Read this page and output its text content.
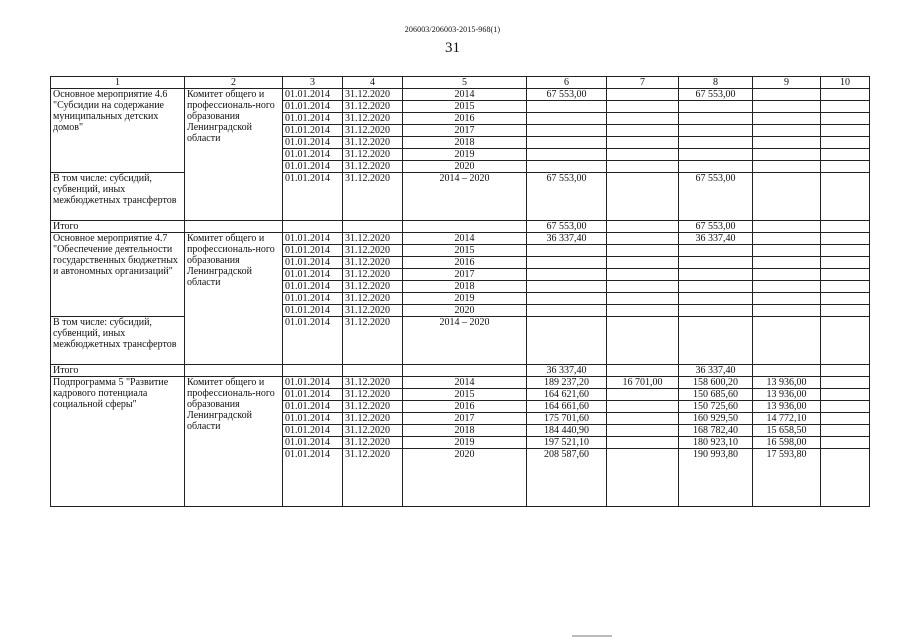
206003/206003-2015-968(1)
31
1	2	3	4	5	6	7	8	9	10
Основное мероприятие 4.6 "Субсидии на содержание муниципальных детских домов"	Комитет общего и профессиональ-ного образования Ленинградской области	01.01.2014	31.12.2020	2014	67 553,00		67 553,00		
		01.01.2014	31.12.2020	2015					
		01.01.2014	31.12.2020	2016					
		01.01.2014	31.12.2020	2017					
		01.01.2014	31.12.2020	2018					
		01.01.2014	31.12.2020	2019					
		01.01.2014	31.12.2020	2020					
В том числе: субсидий, субвенций, иных межбюджетных трансфертов		01.01.2014	31.12.2020	2014 – 2020	67 553,00		67 553,00		
Итого					67 553,00		67 553,00		
Основное мероприятие 4.7 "Обеспечение деятельности государственных бюджетных и автономных организаций"	Комитет общего и профессиональ-ного образования Ленинградской области	01.01.2014	31.12.2020	2014	36 337,40		36 337,40		
		01.01.2014	31.12.2020	2015					
		01.01.2014	31.12.2020	2016					
		01.01.2014	31.12.2020	2017					
		01.01.2014	31.12.2020	2018					
		01.01.2014	31.12.2020	2019					
		01.01.2014	31.12.2020	2020					
В том числе: субсидий, субвенций, иных межбюджетных трансфертов		01.01.2014	31.12.2020	2014 – 2020					
Итого					36 337,40		36 337,40		
Подпрограмма 5 "Развитие кадрового потенциала социальной сферы"	Комитет общего и профессиональ-ного образования Ленинградской области	01.01.2014	31.12.2020	2014	189 237,20	16 701,00	158 600,20	13 936,00	
		01.01.2014	31.12.2020	2015	164 621,60		150 685,60	13 936,00	
		01.01.2014	31.12.2020	2016	164 661,60		150 725,60	13 936,00	
		01.01.2014	31.12.2020	2017	175 701,60		160 929,50	14 772,10	
		01.01.2014	31.12.2020	2018	184 440,90		168 782,40	15 658,50	
		01.01.2014	31.12.2020	2019	197 521,10		180 923,10	16 598,00	
		01.01.2014	31.12.2020	2020	208 587,60		190 993,80	17 593,80	
